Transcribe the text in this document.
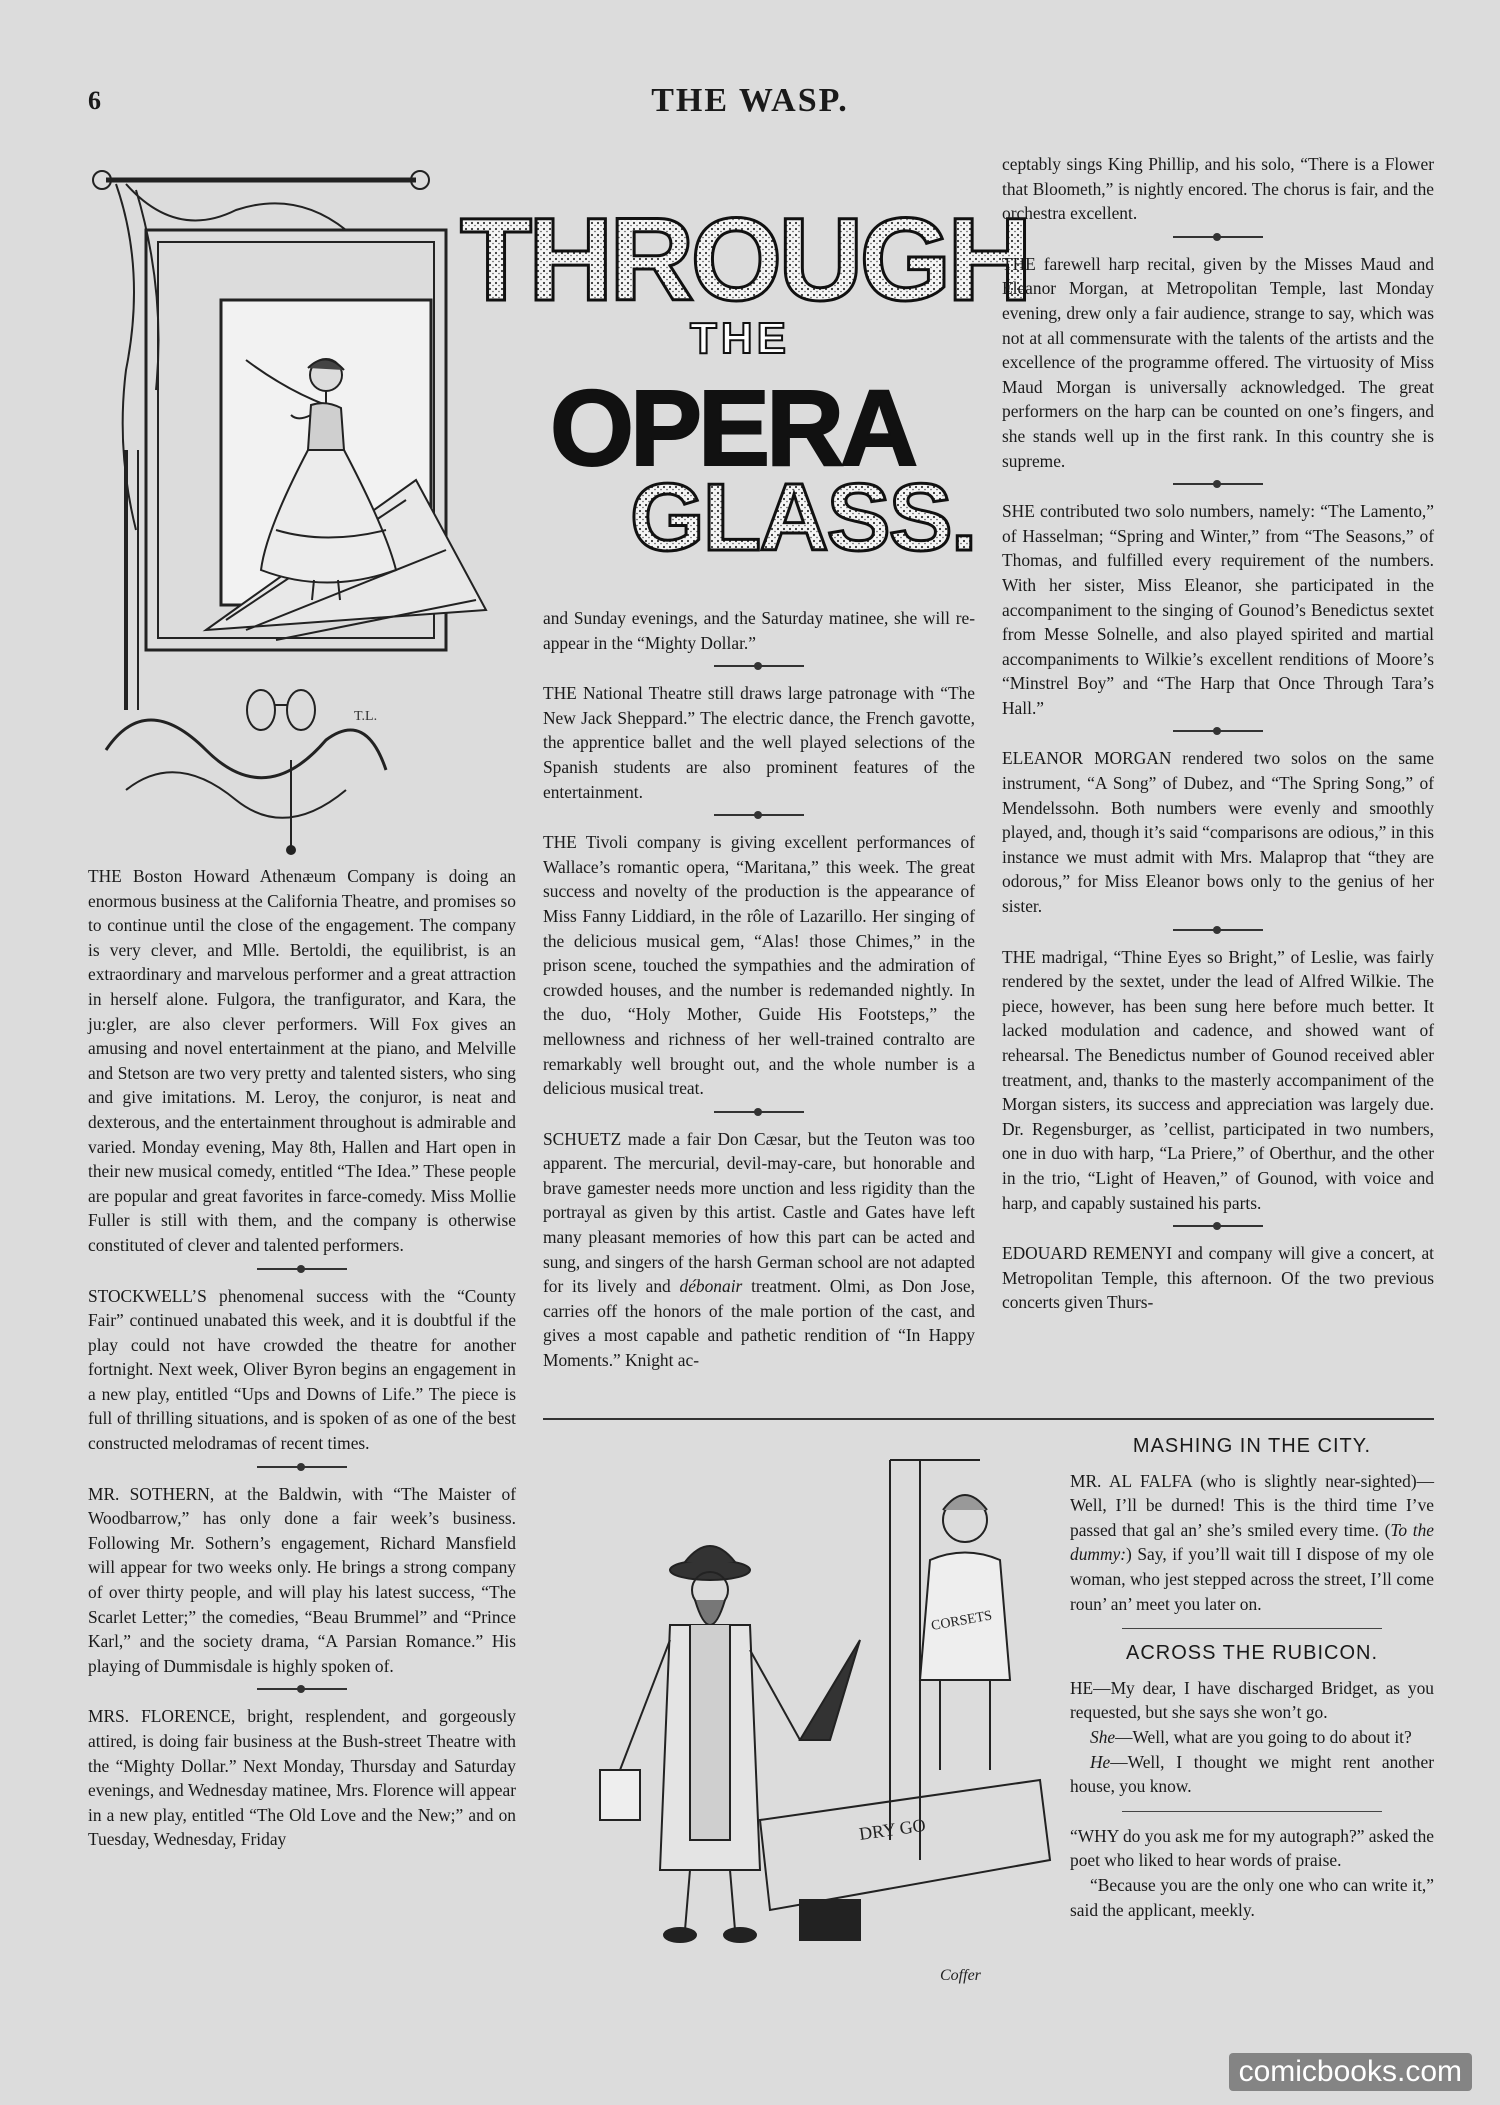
6	THE WASP.
T.L.
THROUGH
THE
OPERA
GLASS.

THE Boston Howard Athenæum Company is doing an enormous business at the California Theatre, and promises so to continue until the close of the engagement. The company is very clever, and Mlle. Bertoldi, the equilibrist, is an extraordinary and marvelous performer and a great attraction in herself alone. Fulgora, the tranfigurator, and Kara, the ju:gler, are also clever performers. Will Fox gives an amusing and novel entertainment at the piano, and Melville and Stetson are two very pretty and talented sisters, who sing and give imitations. M. Leroy, the conjuror, is neat and dexterous, and the entertainment throughout is admirable and varied. Monday evening, May 8th, Hallen and Hart open in their new musical comedy, entitled “The Idea.” These people are popular and great favorites in farce-comedy. Miss Mollie Fuller is still with them, and the company is otherwise constituted of clever and talented performers.

STOCKWELL’S phenomenal success with the “County Fair” continued unabated this week, and it is doubtful if the play could not have crowded the theatre for another fortnight. Next week, Oliver Byron begins an engagement in a new play, entitled “Ups and Downs of Life.” The piece is full of thrilling situations, and is spoken of as one of the best constructed melodramas of recent times.

MR. SOTHERN, at the Baldwin, with “The Maister of Woodbarrow,” has only done a fair week’s business. Following Mr. Sothern’s engagement, Richard Mansfield will appear for two weeks only. He brings a strong company of over thirty people, and will play his latest success, “The Scarlet Letter;” the comedies, “Beau Brummel” and “Prince Karl,” and the society drama, “A Parsian Romance.” His playing of Dummisdale is highly spoken of.

MRS. FLORENCE, bright, resplendent, and gorgeously attired, is doing fair business at the Bush-street Theatre with the “Mighty Dollar.” Next Monday, Thursday and Saturday evenings, and Wednesday matinee, Mrs. Florence will appear in a new play, entitled “The Old Love and the New;” and on Tuesday, Wednesday, Friday

and Sunday evenings, and the Saturday matinee, she will re-appear in the “Mighty Dollar.”

THE National Theatre still draws large patronage with “The New Jack Sheppard.” The electric dance, the French gavotte, the apprentice ballet and the well played selections of the Spanish students are also prominent features of the entertainment.

THE Tivoli company is giving excellent performances of Wallace’s romantic opera, “Maritana,” this week. The great success and novelty of the production is the appearance of Miss Fanny Liddiard, in the rôle of Lazarillo. Her singing of the delicious musical gem, “Alas! those Chimes,” in the prison scene, touched the sympathies and the admiration of crowded houses, and the number is redemanded nightly. In the duo, “Holy Mother, Guide His Footsteps,” the mellowness and richness of her well-trained contralto are remarkably well brought out, and the whole number is a delicious musical treat.

SCHUETZ made a fair Don Cæsar, but the Teuton was too apparent. The mercurial, devil-may-care, but honorable and brave gamester needs more unction and less rigidity than the portrayal as given by this artist. Castle and Gates have left many pleasant memories of how this part can be acted and sung, and singers of the harsh German school are not adapted for its lively and débonair treatment. Olmi, as Don Jose, carries off the honors of the male portion of the cast, and gives a most capable and pathetic rendition of “In Happy Moments.” Knight ac-

ceptably sings King Phillip, and his solo, “There is a Flower that Bloometh,” is nightly encored. The chorus is fair, and the orchestra excellent.

THE farewell harp recital, given by the Misses Maud and Eleanor Morgan, at Metropolitan Temple, last Monday evening, drew only a fair audience, strange to say, which was not at all commensurate with the talents of the artists and the excellence of the programme offered. The virtuosity of Miss Maud Morgan is universally acknowledged. The great performers on the harp can be counted on one’s fingers, and she stands well up in the first rank. In this country she is supreme.

SHE contributed two solo numbers, namely: “The Lamento,” of Hasselman; “Spring and Winter,” from “The Seasons,” of Thomas, and fulfilled every requirement of the numbers. With her sister, Miss Eleanor, she participated in the accompaniment to the singing of Gounod’s Benedictus sextet from Messe Solnelle, and also played spirited and martial accompaniments to Wilkie’s excellent renditions of Moore’s “Minstrel Boy” and “The Harp that Once Through Tara’s Hall.”

ELEANOR MORGAN rendered two solos on the same instrument, “A Song” of Dubez, and “The Spring Song,” of Mendelssohn. Both numbers were evenly and smoothly played, and, though it’s said “comparisons are odious,” in this instance we must admit with Mrs. Malaprop that “they are odorous,” for Miss Eleanor bows only to the genius of her sister.

THE madrigal, “Thine Eyes so Bright,” of Leslie, was fairly rendered by the sextet, under the lead of Alfred Wilkie. The piece, however, has been sung here before much better. It lacked modulation and cadence, and showed want of rehearsal. The Benedictus number of Gounod received abler treatment, and, thanks to the masterly accompaniment of the Morgan sisters, its success and appreciation was largely due. Dr. Regensburger, as ’cellist, participated in two numbers, one in duo with harp, “La Priere,” of Oberthur, and the other in the trio, “Light of Heaven,” of Gounod, with voice and harp, and capably sustained his parts.

EDOUARD REMENYI and company will give a concert, at Metropolitan Temple, this afternoon. Of the two previous concerts given Thurs-

CORSETS
DRY GO
Coffer
MASHING IN THE CITY.

MR. AL FALFA (who is slightly near-sighted)—Well, I’ll be durned! This is the third time I’ve passed that gal an’ she’s smiled every time. (To the dummy:) Say, if you’ll wait till I dispose of my ole woman, who jest stepped across the street, I’ll come roun’ an’ meet you later on.

ACROSS THE RUBICON.

HE—My dear, I have discharged Bridget, as you requested, but she says she won’t go.

She—Well, what are you going to do about it?

He—Well, I thought we might rent another house, you know.

“WHY do you ask me for my autograph?” asked the poet who liked to hear words of praise.

“Because you are the only one who can write it,” said the applicant, meekly.

comicbooks.com
